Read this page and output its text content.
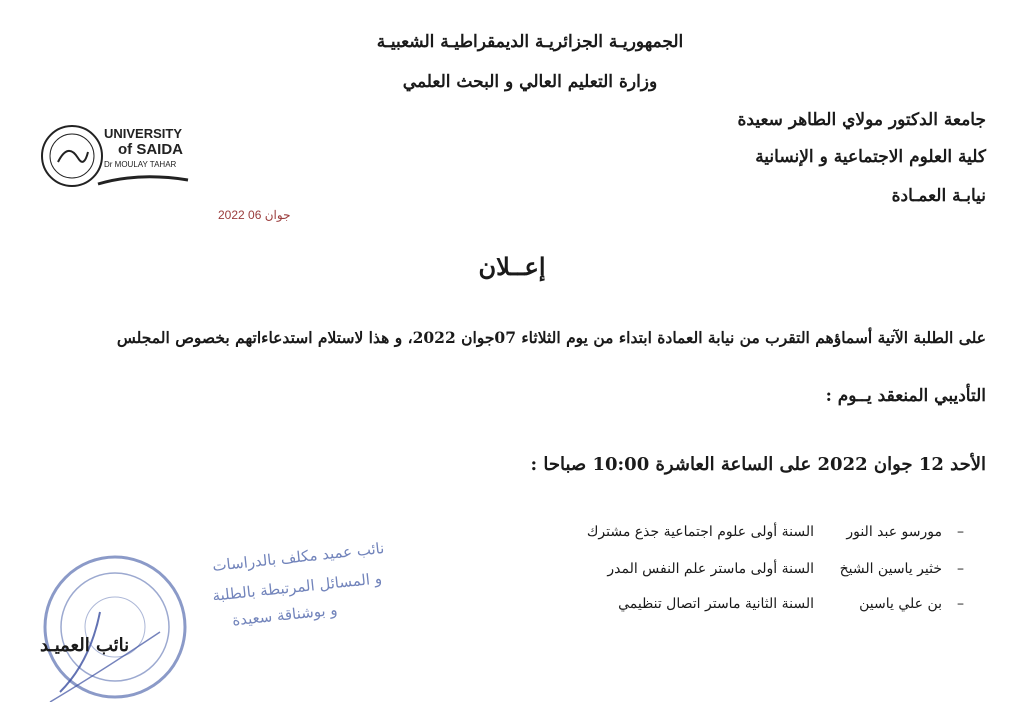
الجمهوريـة الجزائريـة الديمقراطيـة الشعبيـة
وزارة التعليم العالي و البحث العلمي
جامعة الدكتور مولاي الطاهر سعيدة
كلية العلوم الاجتماعية و الإنسانية
نيابـة العمـادة
UNIVERSITY
of SAIDA
Dr MOULAY TAHAR
2022 جوان 06
إعــلان
على الطلبة الآتية أسماؤهم التقرب من نيابة العمادة ابتداء من يوم الثلاثاء 07جوان 2022، و هذا لاستلام استدعاءاتهم بخصوص المجلس
التأديبي المنعقد يــوم :
الأحد 12 جوان 2022 على الساعة العاشرة 10:00 صباحا :
–
مورسو عبد النور
السنة أولى علوم اجتماعية جذع مشترك
–
خثير ياسين الشيخ
السنة أولى ماستر علم النفس المدر
–
بن علي ياسين
السنة الثانية ماستر اتصال تنظيمي
نائب عميد مكلف بالدراسات
و المسائل المرتبطة بالطلبة
و بوشناقة سعيدة
نائب العميـد
